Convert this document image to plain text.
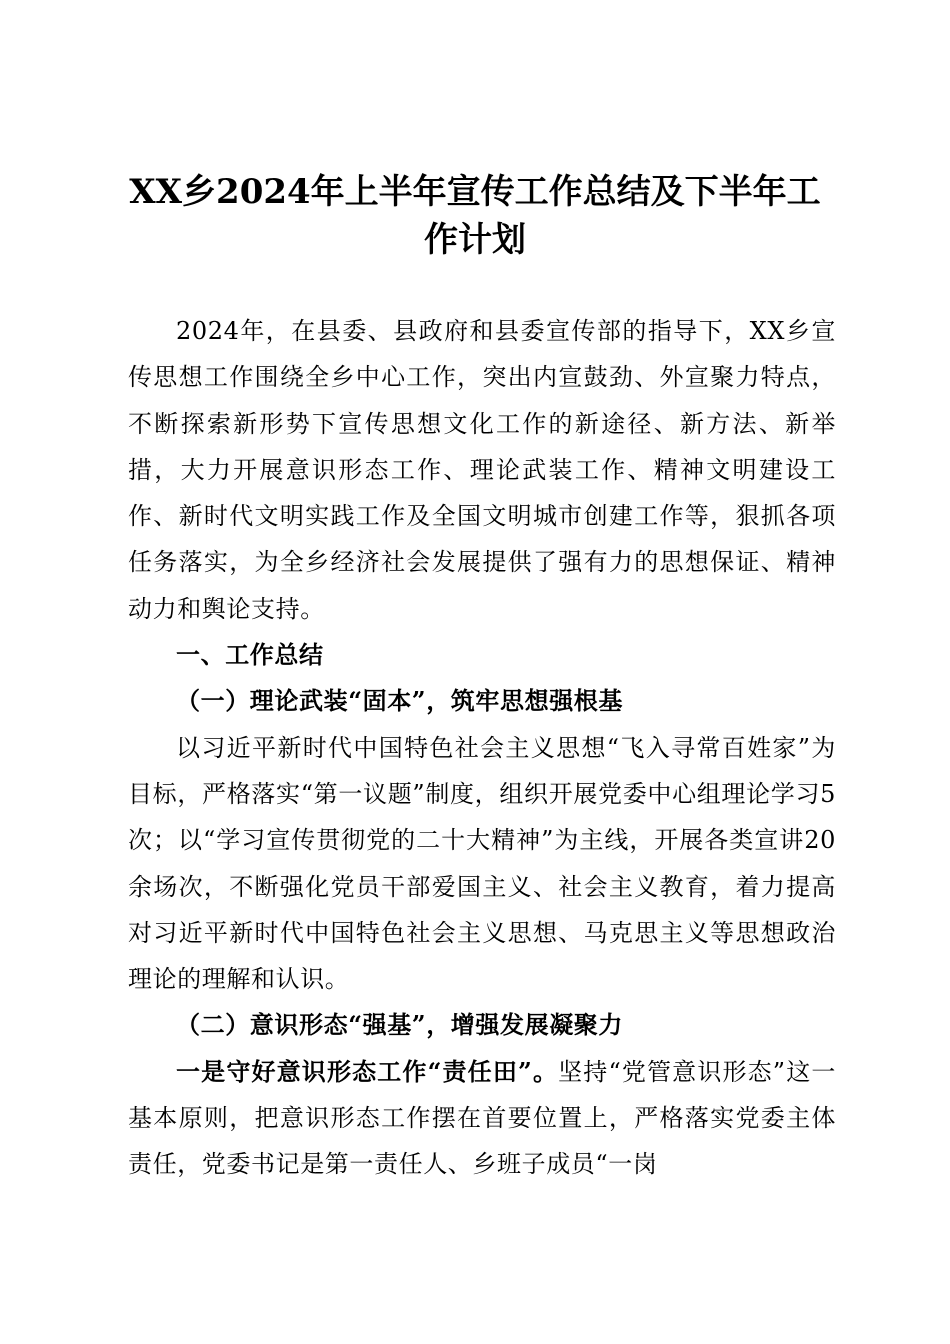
XX乡2024年上半年宣传工作总结及下半年工作计划

2024年，在县委、县政府和县委宣传部的指导下，XX乡宣传思想工作围绕全乡中心工作，突出内宣鼓劲、外宣聚力特点，不断探索新形势下宣传思想文化工作的新途径、新方法、新举措，大力开展意识形态工作、理论武装工作、精神文明建设工作、新时代文明实践工作及全国文明城市创建工作等，狠抓各项任务落实，为全乡经济社会发展提供了强有力的思想保证、精神动力和舆论支持。

一、工作总结

（一）理论武装“固本”，筑牢思想强根基

以习近平新时代中国特色社会主义思想“飞入寻常百姓家”为目标，严格落实“第一议题”制度，组织开展党委中心组理论学习5次；以“学习宣传贯彻党的二十大精神”为主线，开展各类宣讲20余场次，不断强化党员干部爱国主义、社会主义教育，着力提高对习近平新时代中国特色社会主义思想、马克思主义等思想政治理论的理解和认识。

（二）意识形态“强基”，增强发展凝聚力

一是守好意识形态工作“责任田”。坚持“党管意识形态”这一基本原则，把意识形态工作摆在首要位置上，严格落实党委主体责任，党委书记是第一责任人、乡班子成员“一岗
